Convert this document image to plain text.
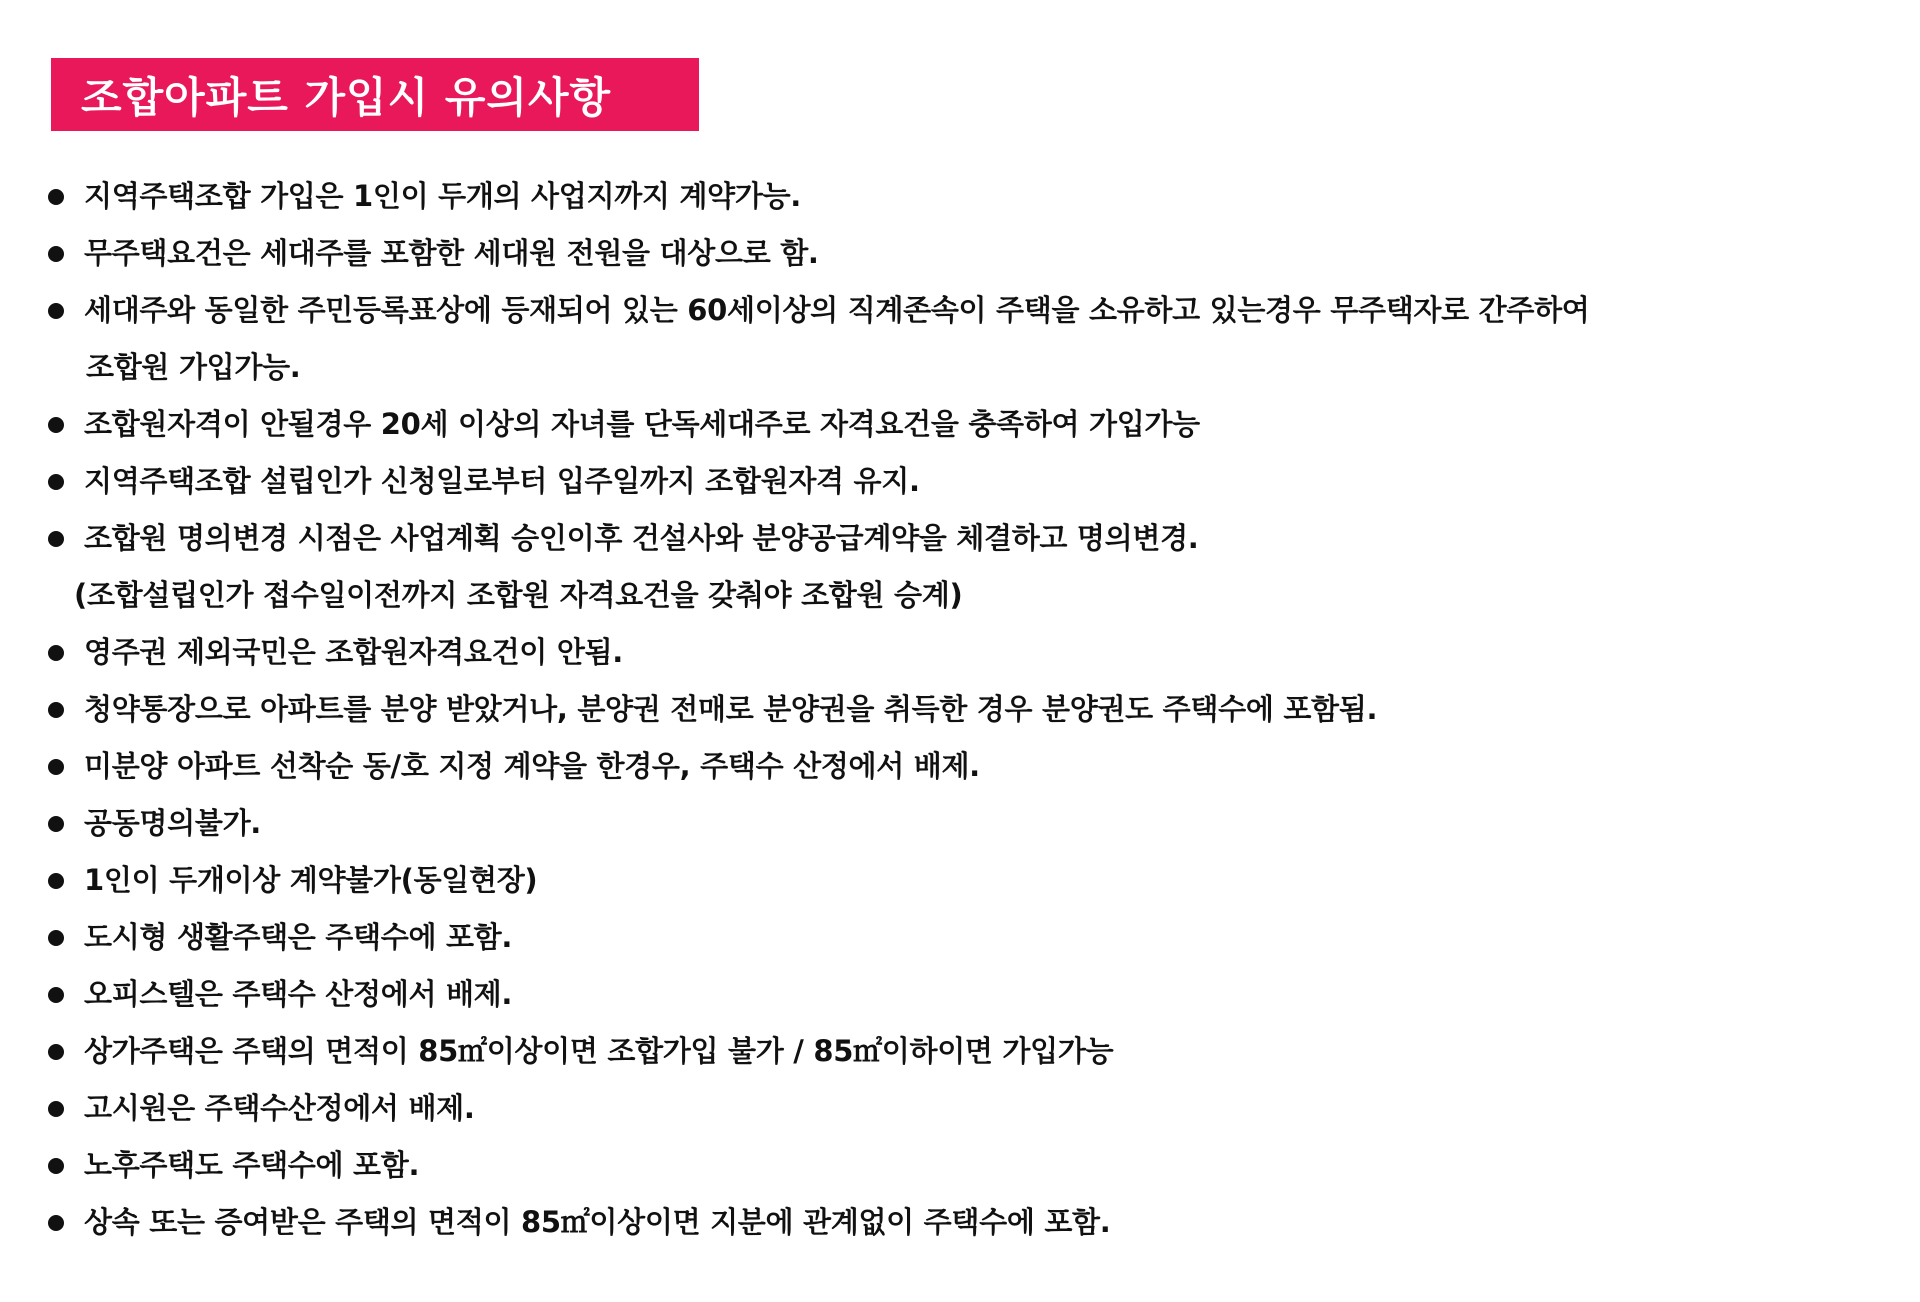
조합아파트 가입시 유의사항
지역주택조합 가입은 1인이 두개의 사업지까지 계약가능.
무주택요건은 세대주를 포함한 세대원 전원을 대상으로 함.
세대주와 동일한 주민등록표상에 등재되어 있는 60세이상의 직계존속이 주택을 소유하고 있는경우 무주택자로 간주하여
조합원 가입가능.
조합원자격이 안될경우 20세 이상의 자녀를 단독세대주로 자격요건을 충족하여 가입가능
지역주택조합 설립인가 신청일로부터 입주일까지 조합원자격 유지.
조합원 명의변경 시점은 사업계획 승인이후 건설사와 분양공급계약을 체결하고 명의변경.
(조합설립인가 접수일이전까지 조합원 자격요건을 갖춰야 조합원 승계)
영주권 제외국민은 조합원자격요건이 안됨.
청약통장으로 아파트를 분양 받았거나, 분양권 전매로 분양권을 취득한 경우 분양권도 주택수에 포함됨.
미분양 아파트 선착순 동/호 지정 계약을 한경우, 주택수 산정에서 배제.
공동명의불가.
1인이 두개이상 계약불가(동일현장)
도시형 생활주택은 주택수에 포함.
오피스텔은 주택수 산정에서 배제.
상가주택은 주택의 면적이 85㎡이상이면 조합가입 불가 / 85㎡이하이면 가입가능
고시원은 주택수산정에서 배제.
노후주택도 주택수에 포함.
상속 또는 증여받은 주택의 면적이 85㎡이상이면 지분에 관계없이 주택수에 포함.
